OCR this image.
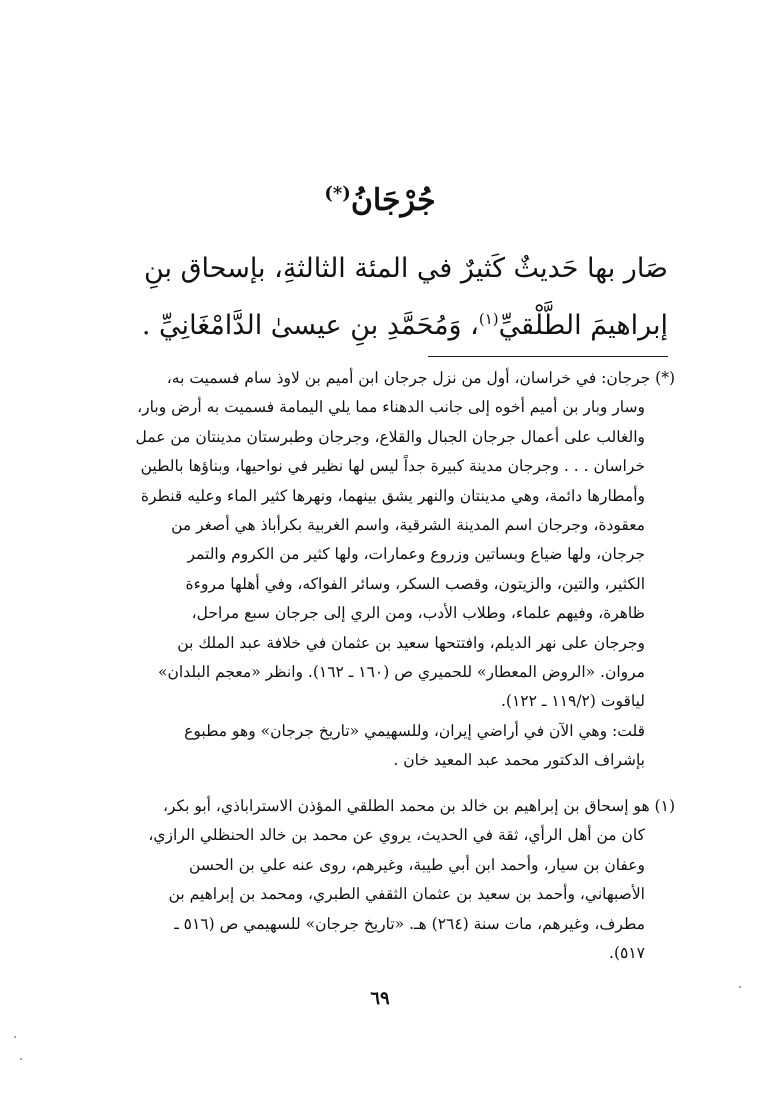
جُرْجَانُ(*)
صَار بها حَديثٌ كَثيرٌ في المئة الثالثةِ، بإسحاق بنِ
إبراهيمَ الطَّلْقيِّ$^{(١)}$، وَمُحَمَّدِ بنِ عيسىٰ الدَّامْغَانِيِّ .
(*) جرجان: في خراسان، أول من نزل جرجان ابن أميم بن لاوذ سام فسميت به،
وسار وبار بن أميم أخوه إلى جانب الدهناء مما يلي اليمامة فسميت به أرض وبار،
والغالب على أعمال جرجان الجبال والقلاع، وجرجان وطبرستان مدينتان من عمل
خراسان . . . وجرجان مدينة كبيرة جداً ليس لها نظير في نواحيها، وبناؤها بالطين
وأمطارها دائمة، وهي مدينتان والنهر يشق بينهما، ونهرها كثير الماء وعليه قنطرة
معقودة، وجرجان اسم المدينة الشرقية، واسم الغربية بكرأباذ هي أصغر من
جرجان، ولها ضياع وبساتين وزروع وعمارات، ولها كثير من الكروم والتمر
الكثير، والتين، والزيتون، وقصب السكر، وسائر الفواكه، وفي أهلها مروءة
ظاهرة، وفيهم علماء، وطلاب الأدب، ومن الري إلى جرجان سبع مراحل،
وجرجان على نهر الديلم، وافتتحها سعيد بن عثمان في خلافة عبد الملك بن
مروان. «الروض المعطار» للحميري ص (١٦٠ ـ ١٦٢). وانظر «معجم البلدان»
لياقوت (١١٩/٢ ـ ١٢٢).
قلت: وهي الآن في أراضي إيران، وللسهيمي «تاريخ جرجان» وهو مطبوع
بإشراف الدكتور محمد عبد المعيد خان .
(١) هو إسحاق بن إبراهيم بن خالد بن محمد الطلقي المؤذن الاستراباذي، أبو بكر،
كان من أهل الرأي، ثقة في الحديث، يروي عن محمد بن خالد الحنظلي الرازي،
وعفان بن سيار، وأحمد ابن أبي طيبة، وغيرهم، روى عنه علي بن الحسن
الأصبهاني، وأحمد بن سعيد بن عثمان الثقفي الطبري، ومحمد بن إبراهيم بن
مطرف، وغيرهم، مات سنة (٢٦٤) هـ. «تاريخ جرجان» للسهيمي ص (٥١٦ ـ
٥١٧).
٦٩
